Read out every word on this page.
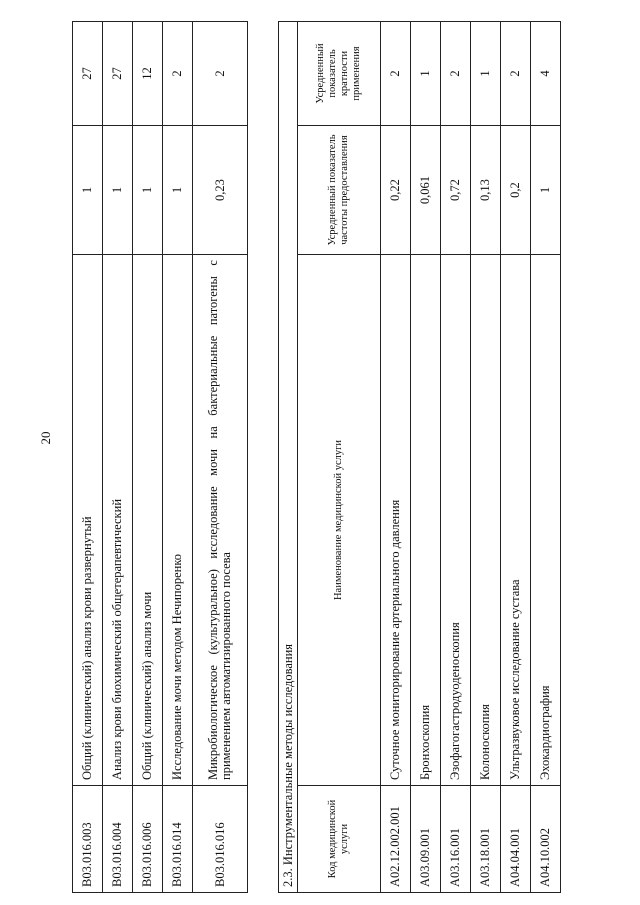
20
B03.016.003	Общий (клинический) анализ крови развернутый	1	27
B03.016.004	Анализ крови биохимический общетерапевтический	1	27
B03.016.006	Общий (клинический) анализ мочи	1	12
B03.016.014	Исследование мочи методом Нечипоренко	1	2
B03.016.016	Микробиологическое (культуральное) исследование мочи на бактериальные патогены с применением автоматизированного посева	0,23	2
2.3. Инструментальные методы исследования			
Код медицинской услуги	Наименование медицинской услуги	Усредненный показатель частоты предоставления	Усредненный показатель кратности применения
A02.12.002.001	Суточное мониторирование артериального давления	0,22	2
A03.09.001	Бронхоскопия	0,061	1
A03.16.001	Эзофагогастродуоденоскопия	0,72	2
A03.18.001	Колоноскопия	0,13	1
A04.04.001	Ультразвуковое исследование сустава	0,2	2
A04.10.002	Эхокардиография	1	4
